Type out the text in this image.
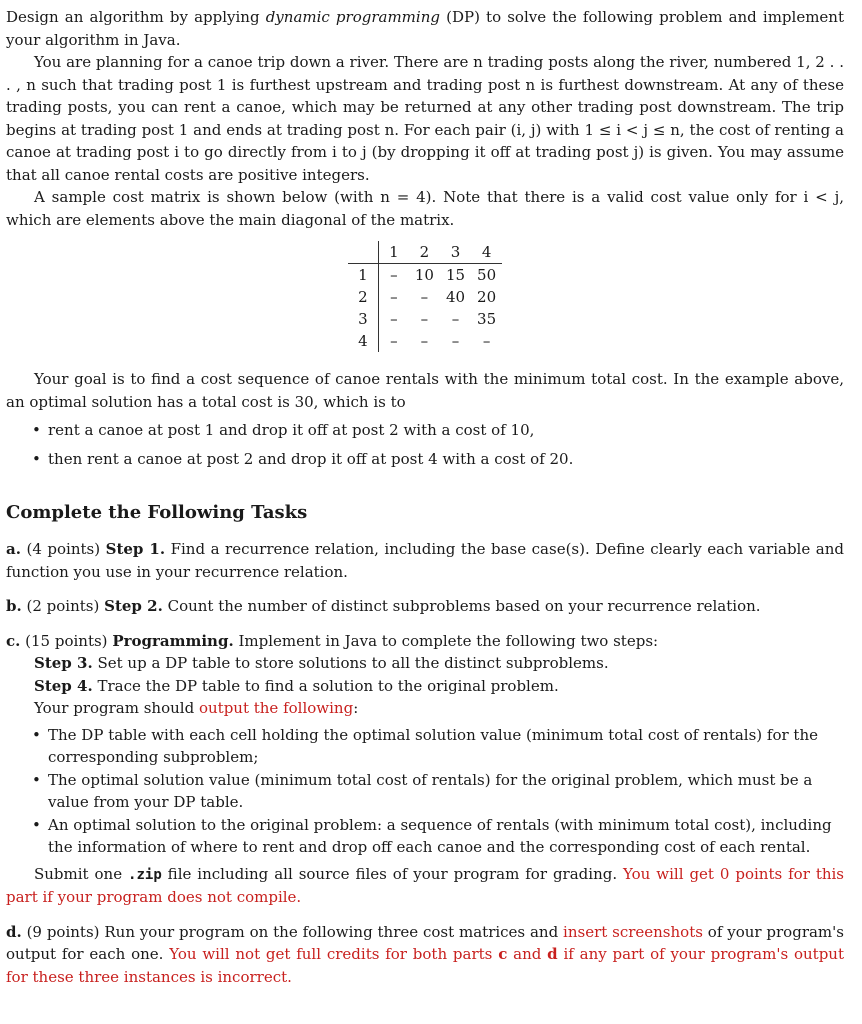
Design an algorithm by applying dynamic programming (DP) to solve the following problem and implement your algorithm in Java.

You are planning for a canoe trip down a river. There are n trading posts along the river, numbered 1, 2 . . . , n such that trading post 1 is furthest upstream and trading post n is furthest downstream. At any of these trading posts, you can rent a canoe, which may be returned at any other trading post downstream. The trip begins at trading post 1 and ends at trading post n. For each pair (i, j) with 1 ≤ i < j ≤ n, the cost of renting a canoe at trading post i to go directly from i to j (by dropping it off at trading post j) is given. You may assume that all canoe rental costs are positive integers.

A sample cost matrix is shown below (with n = 4). Note that there is a valid cost value only for i < j, which are elements above the main diagonal of the matrix.

	1	2	3	4
1	–	10	15	50
2	–	–	40	20
3	–	–	–	35
4	–	–	–	–

Your goal is to find a cost sequence of canoe rentals with the minimum total cost. In the example above, an optimal solution has a total cost is 30, which is to

• rent a canoe at post 1 and drop it off at post 2 with a cost of 10,
• then rent a canoe at post 2 and drop it off at post 4 with a cost of 20.
Complete the Following Tasks

a. (4 points) Step 1. Find a recurrence relation, including the base case(s). Define clearly each variable and function you use in your recurrence relation.

b. (2 points) Step 2. Count the number of distinct subproblems based on your recurrence relation.

c. (15 points) Programming. Implement in Java to complete the following two steps:

Step 3. Set up a DP table to store solutions to all the distinct subproblems.

Step 4. Trace the DP table to find a solution to the original problem.

Your program should output the following:

• The DP table with each cell holding the optimal solution value (minimum total cost of rentals) for the corresponding subproblem;
• The optimal solution value (minimum total cost of rentals) for the original problem, which must be a value from your DP table.
• An optimal solution to the original problem: a sequence of rentals (with minimum total cost), including the information of where to rent and drop off each canoe and the corresponding cost of each rental.

Submit one .zip file including all source files of your program for grading. You will get 0 points for this part if your program does not compile.

d. (9 points) Run your program on the following three cost matrices and insert screenshots of your program's output for each one. You will not get full credits for both parts c and d if any part of your program's output for these three instances is incorrect.
